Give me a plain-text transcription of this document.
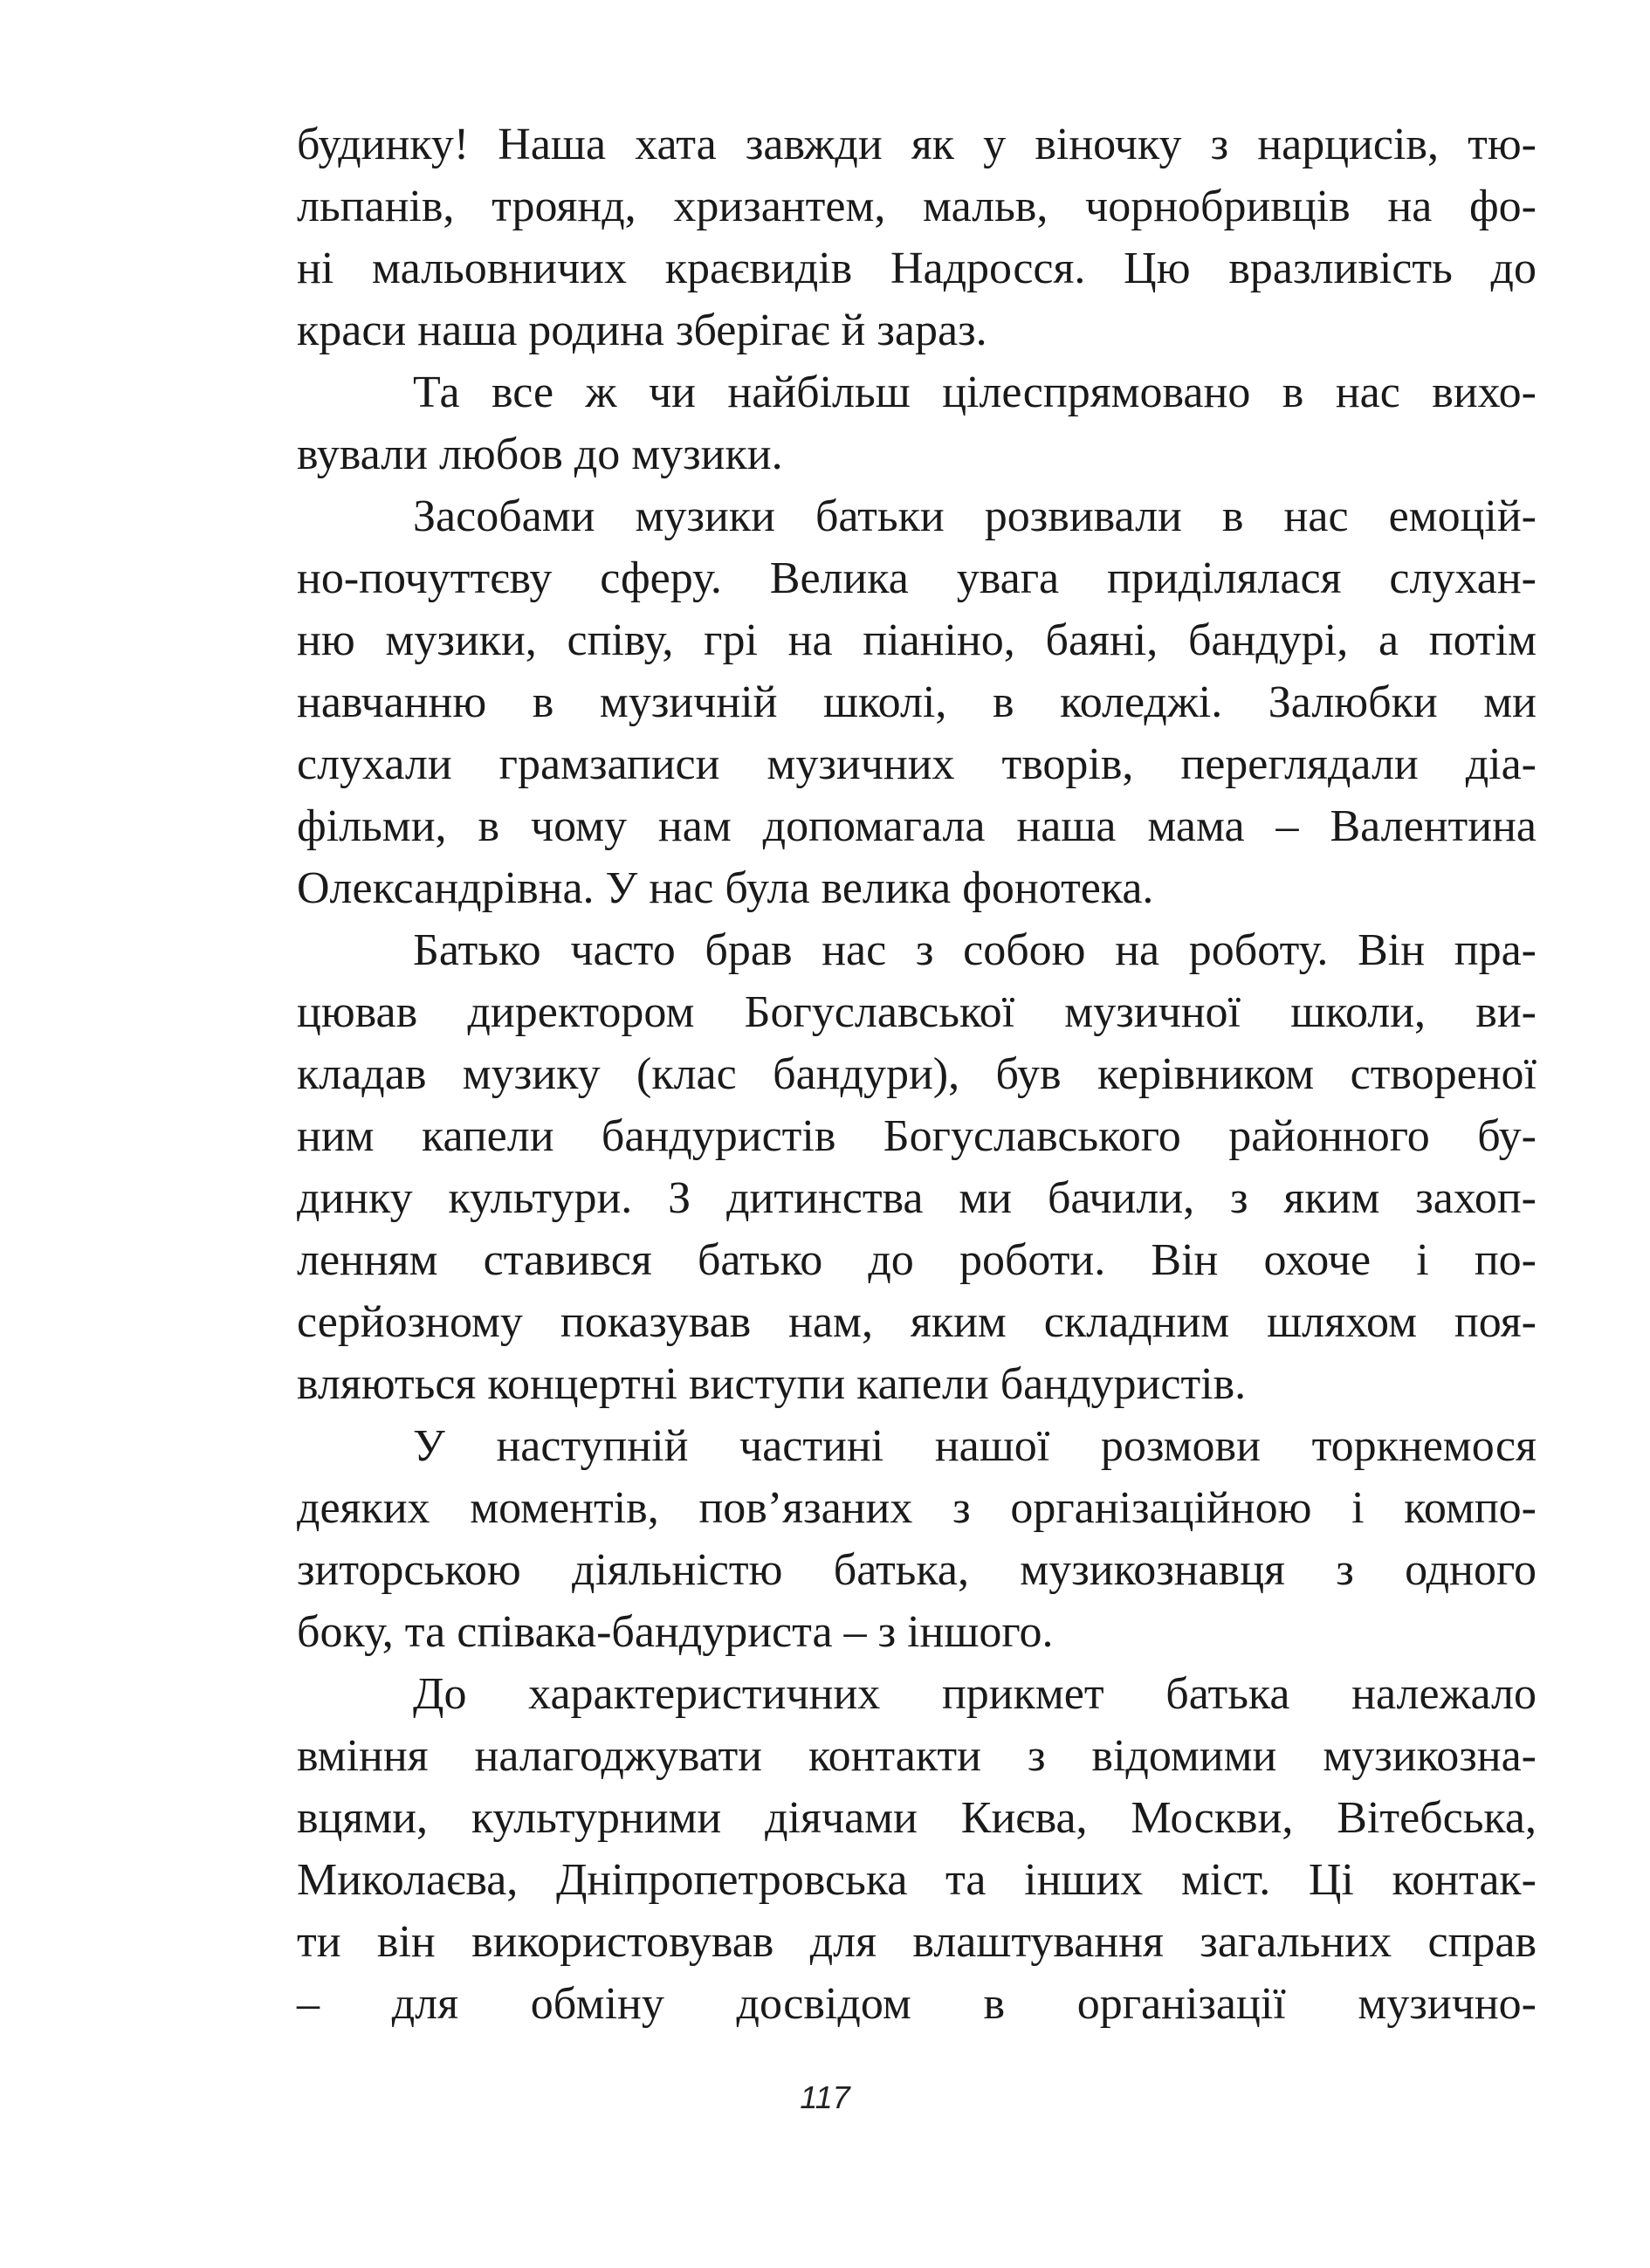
будинку! Наша хата завжди як у віночку з нарцисів, тю-
льпанів, троянд, хризантем, мальв, чорнобривців на фо-
ні мальовничих краєвидів Надросся. Цю вразливість до
краси наша родина зберігає й зараз.
Та все ж чи найбільш цілеспрямовано в нас вихо-
вували любов до музики.
Засобами музики батьки розвивали в нас емоцій-
но-почуттєву сферу. Велика увага приділялася слухан-
ню музики, співу, грі на піаніно, баяні, бандурі, а потім
навчанню в музичній школі, в коледжі. Залюбки ми
слухали грамзаписи музичних творів, переглядали діа-
фільми, в чому нам допомагала наша мама – Валентина
Олександрівна. У нас була велика фонотека.
Батько часто брав нас з собою на роботу. Він пра-
цював директором Богуславської музичної школи, ви-
кладав музику (клас бандури), був керівником створеної
ним капели бандуристів Богуславського районного бу-
динку культури. З дитинства ми бачили, з яким захоп-
ленням ставився батько до роботи. Він охоче і по-
серйозному показував нам, яким складним шляхом поя-
вляються концертні виступи капели бандуристів.
У наступній частині нашої розмови торкнемося
деяких моментів, пов’язаних з організаційною і компо-
зиторською діяльністю батька, музикознавця з одного
боку, та співака-бандуриста – з іншого.
До характеристичних прикмет батька належало
вміння налагоджувати контакти з відомими музикозна-
вцями, культурними діячами Києва, Москви, Вітебська,
Миколаєва, Дніпропетровська та інших міст. Ці контак-
ти він використовував для влаштування загальних справ
– для обміну досвідом в організації музично-
117
